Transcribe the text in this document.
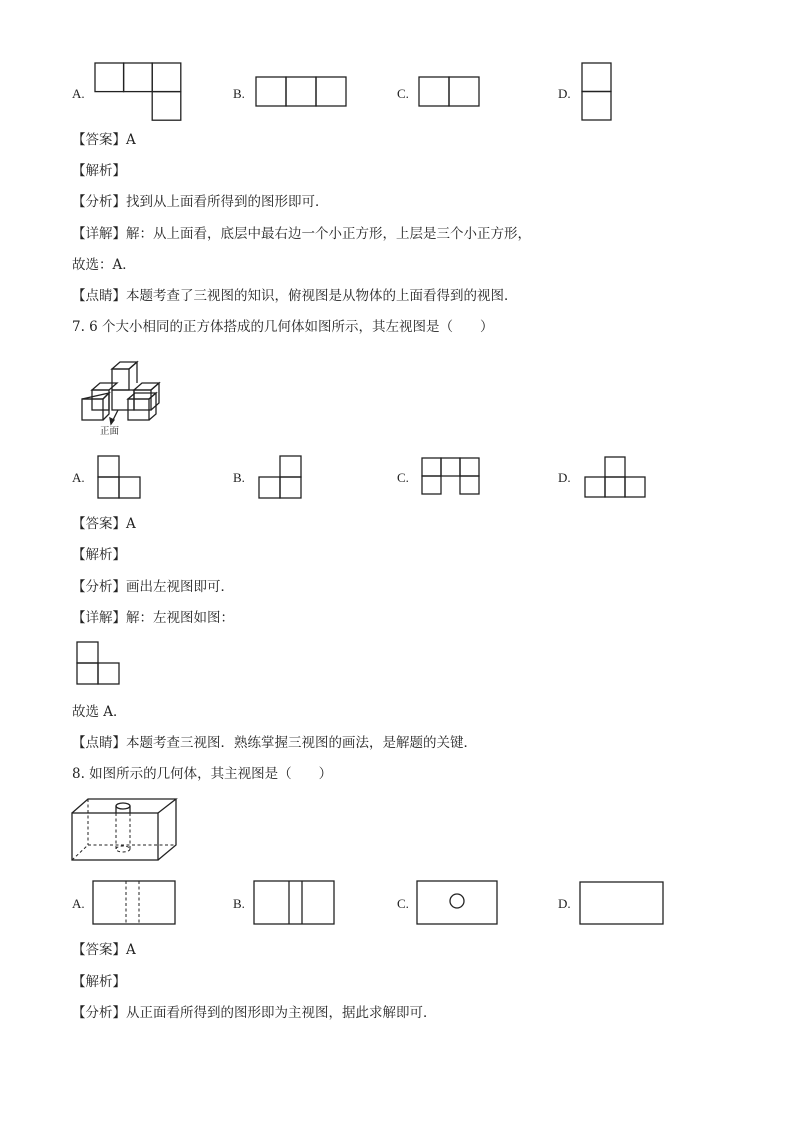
A.	B.	C.	D.
【答案】A
【解析】
【分析】找到从上面看所得到的图形即可．
【详解】解：从上面看，底层中最右边一个小正方形，上层是三个小正方形，
故选：A．
【点睛】本题考查了三视图的知识，俯视图是从物体的上面看得到的视图．
7. 6 个大小相同的正方体搭成的几何体如图所示，其左视图是（　　）
正面
A.	B.	C.	D.
【答案】A
【解析】
【分析】画出左视图即可．
【详解】解：左视图如图：
故选 A．
【点睛】本题考查三视图．熟练掌握三视图的画法，是解题的关键．
8. 如图所示的几何体，其主视图是（　　）
A.	B.	C.	D.
【答案】A
【解析】
【分析】从正面看所得到的图形即为主视图，据此求解即可．
